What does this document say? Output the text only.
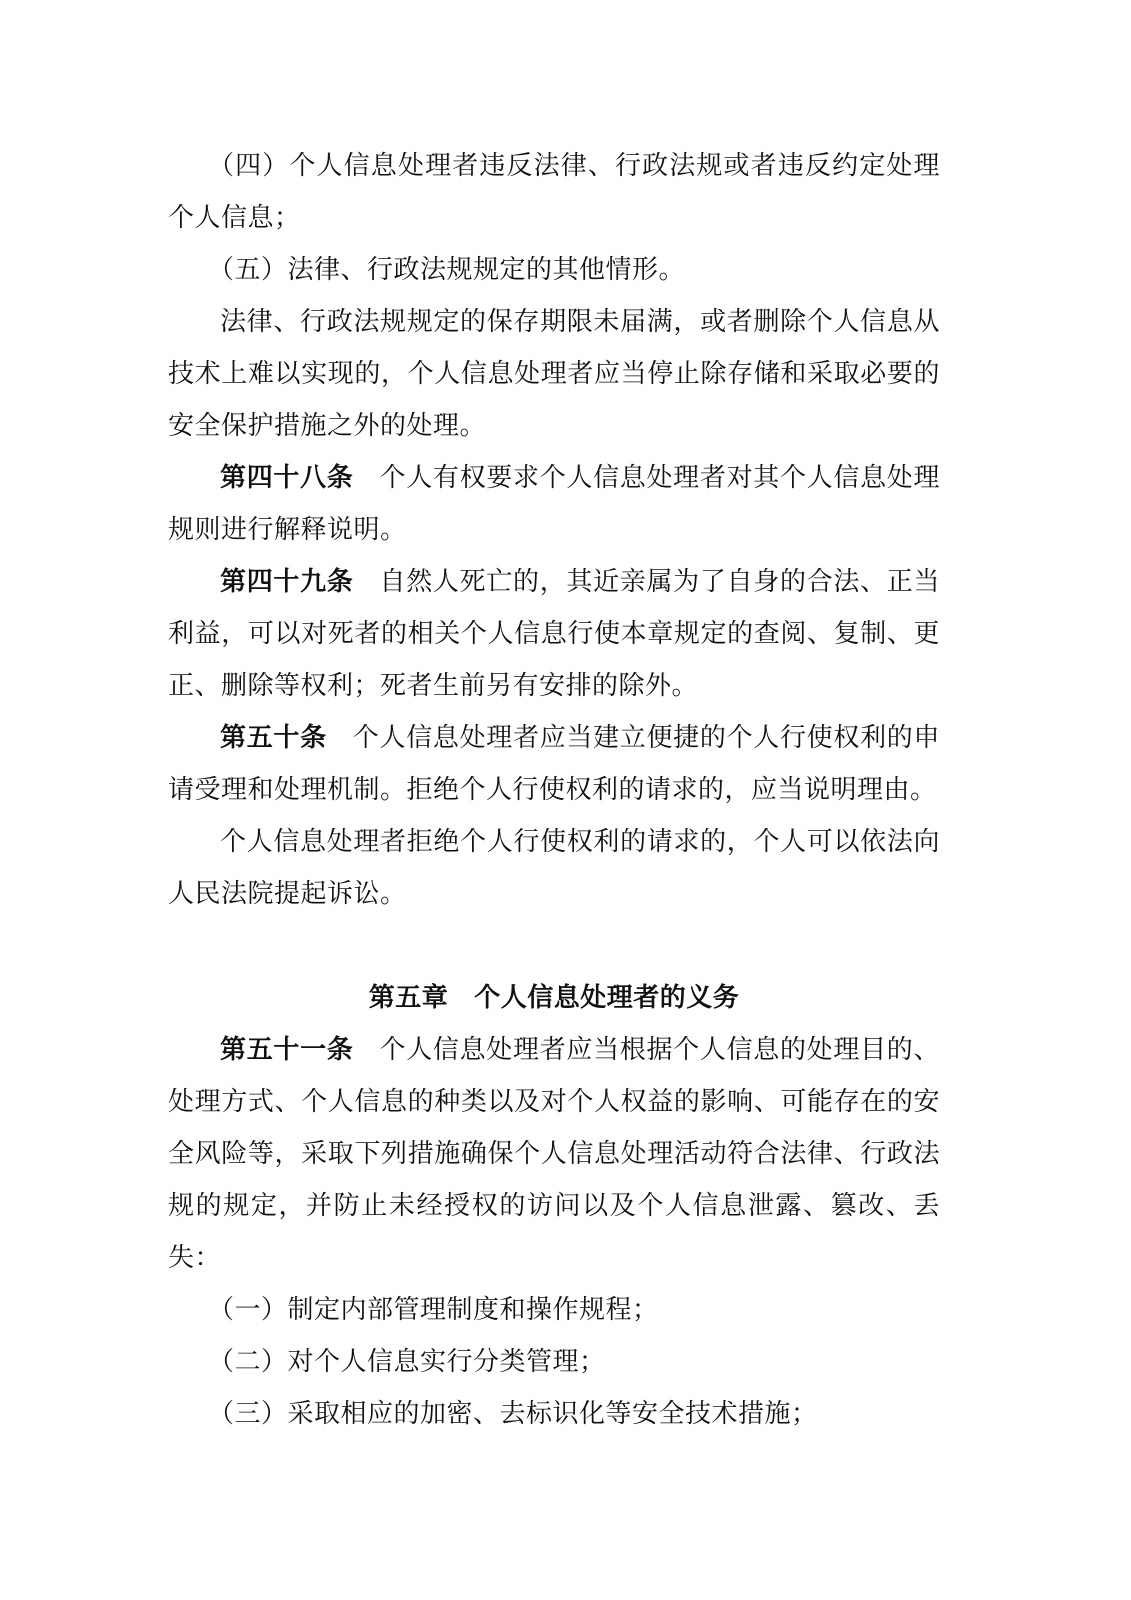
（四）个人信息处理者违反法律、行政法规或者违反约定处理个人信息；

（五）法律、行政法规规定的其他情形。

法律、行政法规规定的保存期限未届满，或者删除个人信息从技术上难以实现的，个人信息处理者应当停止除存储和采取必要的安全保护措施之外的处理。

第四十八条 个人有权要求个人信息处理者对其个人信息处理规则进行解释说明。

第四十九条 自然人死亡的，其近亲属为了自身的合法、正当利益，可以对死者的相关个人信息行使本章规定的查阅、复制、更正、删除等权利；死者生前另有安排的除外。

第五十条 个人信息处理者应当建立便捷的个人行使权利的申请受理和处理机制。拒绝个人行使权利的请求的，应当说明理由。

个人信息处理者拒绝个人行使权利的请求的，个人可以依法向人民法院提起诉讼。

第五章 个人信息处理者的义务

第五十一条 个人信息处理者应当根据个人信息的处理目的、处理方式、个人信息的种类以及对个人权益的影响、可能存在的安全风险等，采取下列措施确保个人信息处理活动符合法律、行政法规的规定，并防止未经授权的访问以及个人信息泄露、篡改、丢失：

（一）制定内部管理制度和操作规程；

（二）对个人信息实行分类管理；

（三）采取相应的加密、去标识化等安全技术措施；
